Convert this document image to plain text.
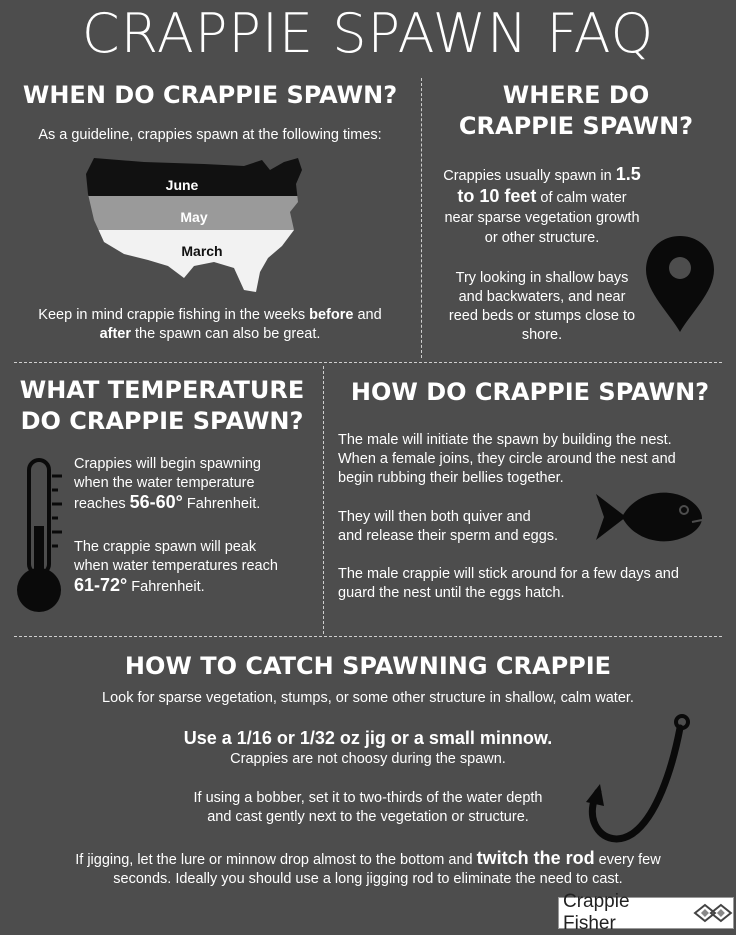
CRAPPIE SPAWN FAQ
WHEN DO CRAPPIE SPAWN?
As a guideline, crappies spawn at the following times:
June
May
March
Keep in mind crappie fishing in the weeks before and
after the spawn can also be great.
WHERE DO
CRAPPIE SPAWN?
Crappies usually spawn in 1.5
to 10 feet of calm water
near sparse vegetation growth
or other structure.
Try looking in shallow bays
and backwaters, and near
reed beds or stumps close to
shore.
WHAT TEMPERATURE
DO CRAPPIE SPAWN?
Crappies will begin spawning
when the water temperature
reaches 56-60° Fahrenheit.
The crappie spawn will peak
when water temperatures reach
61-72° Fahrenheit.
HOW DO CRAPPIE SPAWN?
The male will initiate the spawn by building the nest.
When a female joins, they circle around the nest and
begin rubbing their bellies together.
They will then both quiver and
and release their sperm and eggs.
The male crappie will stick around for a few days and
guard the nest until the eggs hatch.
HOW TO CATCH SPAWNING CRAPPIE
Look for sparse vegetation, stumps, or some other structure in shallow, calm water.
Use a 1/16 or 1/32 oz jig or a small minnow.
Crappies are not choosy during the spawn.
If using a bobber, set it to two-thirds of the water depth
and cast gently next to the vegetation or structure.
If jigging, let the lure or minnow drop almost to the bottom and twitch the rod every few
seconds. Ideally you should use a long jigging rod to eliminate the need to cast.
Crappie Fisher
